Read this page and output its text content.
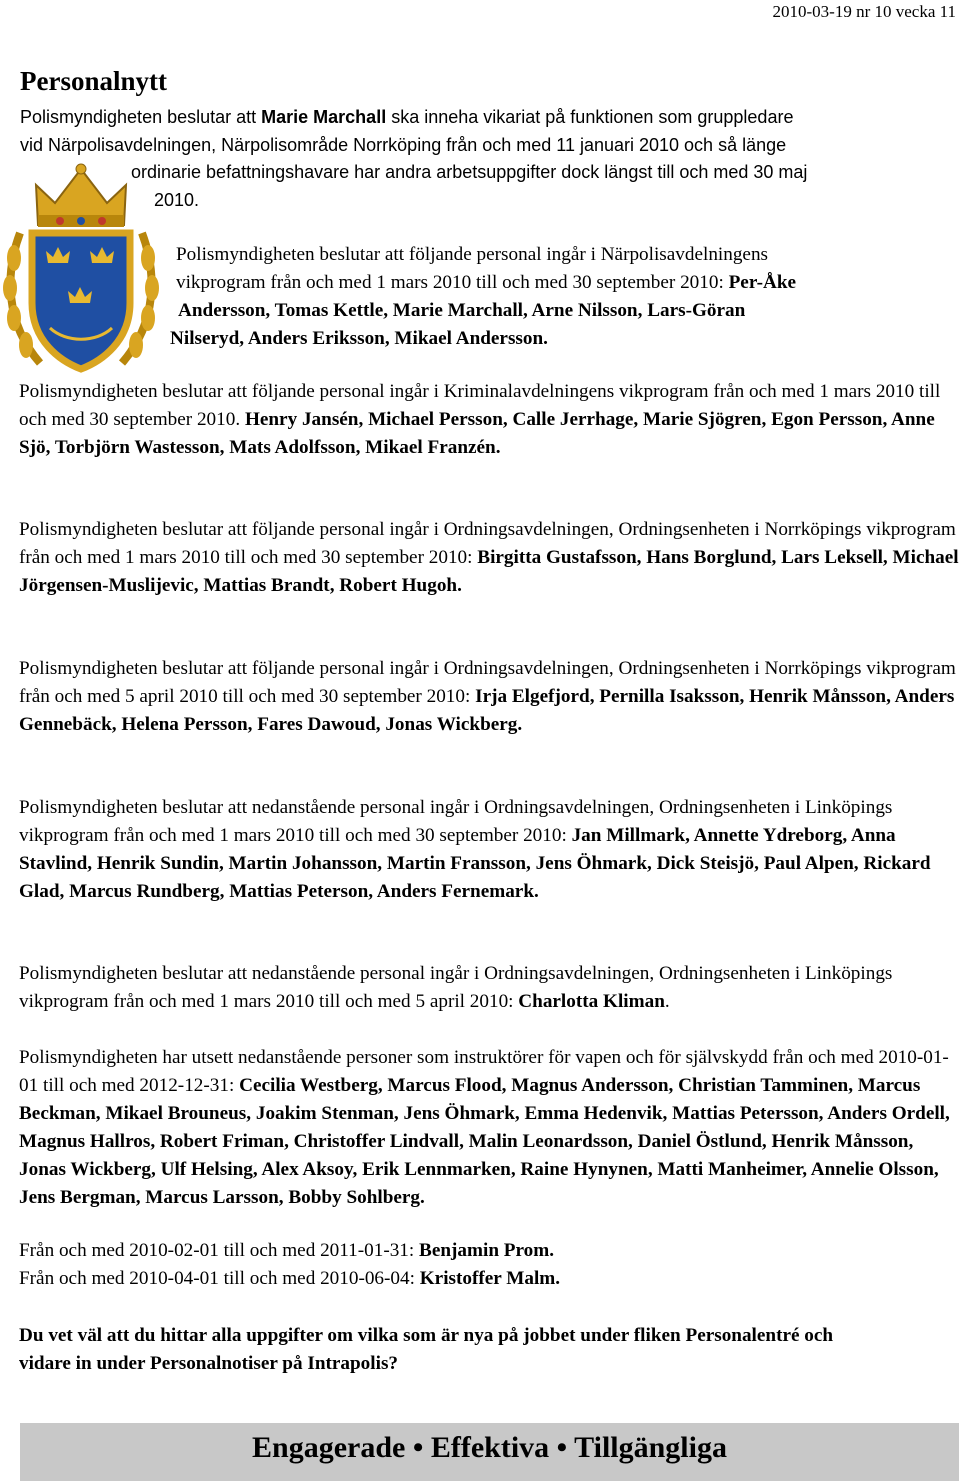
2010-03-19 nr 10 vecka 11
Personalnytt
Polismyndigheten beslutar att Marie Marchall ska inneha vikariat på funktionen som gruppledare
vid Närpolisavdelningen, Närpolisområde Norrköping från och med 11 januari 2010 och så länge
ordinarie befattningshavare har andra arbetsuppgifter dock längst till och med 30 maj
2010.
Polismyndigheten beslutar att följande personal ingår i Närpolisavdelningens
vikprogram från och med 1 mars 2010 till och med 30 september 2010: Per-Åke
Andersson, Tomas Kettle, Marie Marchall, Arne Nilsson, Lars-Göran
Nilseryd, Anders Eriksson, Mikael Andersson.
Polismyndigheten beslutar att följande personal ingår i Kriminalavdelningens vikprogram från och med 1 mars 2010 till och med 30 september 2010. Henry Jansén, Michael Persson, Calle Jerrhage, Marie Sjögren, Egon Persson, Anne Sjö, Torbjörn Wastesson, Mats Adolfsson, Mikael Franzén.
Polismyndigheten beslutar att följande personal ingår i Ordningsavdelningen, Ordningsenheten i Norrköpings vikprogram från och med 1 mars 2010 till och med 30 september 2010: Birgitta Gustafsson, Hans Borglund, Lars Leksell, Michael Jörgensen-Muslijevic, Mattias Brandt, Robert Hugoh.
Polismyndigheten beslutar att följande personal ingår i Ordningsavdelningen, Ordningsenheten i Norrköpings vikprogram från och med 5 april 2010 till och med 30 september 2010: Irja Elgefjord, Pernilla Isaksson, Henrik Månsson, Anders Gennebäck, Helena Persson, Fares Dawoud, Jonas Wickberg.
Polismyndigheten beslutar att nedanstående personal ingår i Ordningsavdelningen, Ordningsenheten i Linköpings vikprogram från och med 1 mars 2010 till och med 30 september 2010: Jan Millmark, Annette Ydreborg, Anna Stavlind, Henrik Sundin, Martin Johansson, Martin Fransson, Jens Öhmark, Dick Steisjö, Paul Alpen, Rickard Glad, Marcus Rundberg, Mattias Peterson, Anders Fernemark.
Polismyndigheten beslutar att nedanstående personal ingår i Ordningsavdelningen, Ordningsenheten i Linköpings vikprogram från och med 1 mars 2010 till och med 5 april 2010: Charlotta Kliman.
Polismyndigheten har utsett nedanstående personer som instruktörer för vapen och för självskydd från och med 2010-01-01 till och med 2012-12-31: Cecilia Westberg, Marcus Flood, Magnus Andersson, Christian Tamminen, Marcus Beckman, Mikael Brouneus, Joakim Stenman, Jens Öhmark, Emma Hedenvik, Mattias Petersson, Anders Ordell, Magnus Hallros, Robert Friman, Christoffer Lindvall, Malin Leonardsson, Daniel Östlund, Henrik Månsson, Jonas Wickberg, Ulf Helsing, Alex Aksoy, Erik Lennmarken, Raine Hynynen, Matti Manheimer, Annelie Olsson, Jens Bergman, Marcus Larsson, Bobby Sohlberg.
Från och med 2010-02-01 till och med 2011-01-31: Benjamin Prom.
Från och med 2010-04-01 till och med 2010-06-04: Kristoffer Malm.
Du vet väl att du hittar alla uppgifter om vilka som är nya på jobbet under fliken Personalentré och vidare in under Personalnotiser på Intrapolis?
Engagerade • Effektiva • Tillgängliga
